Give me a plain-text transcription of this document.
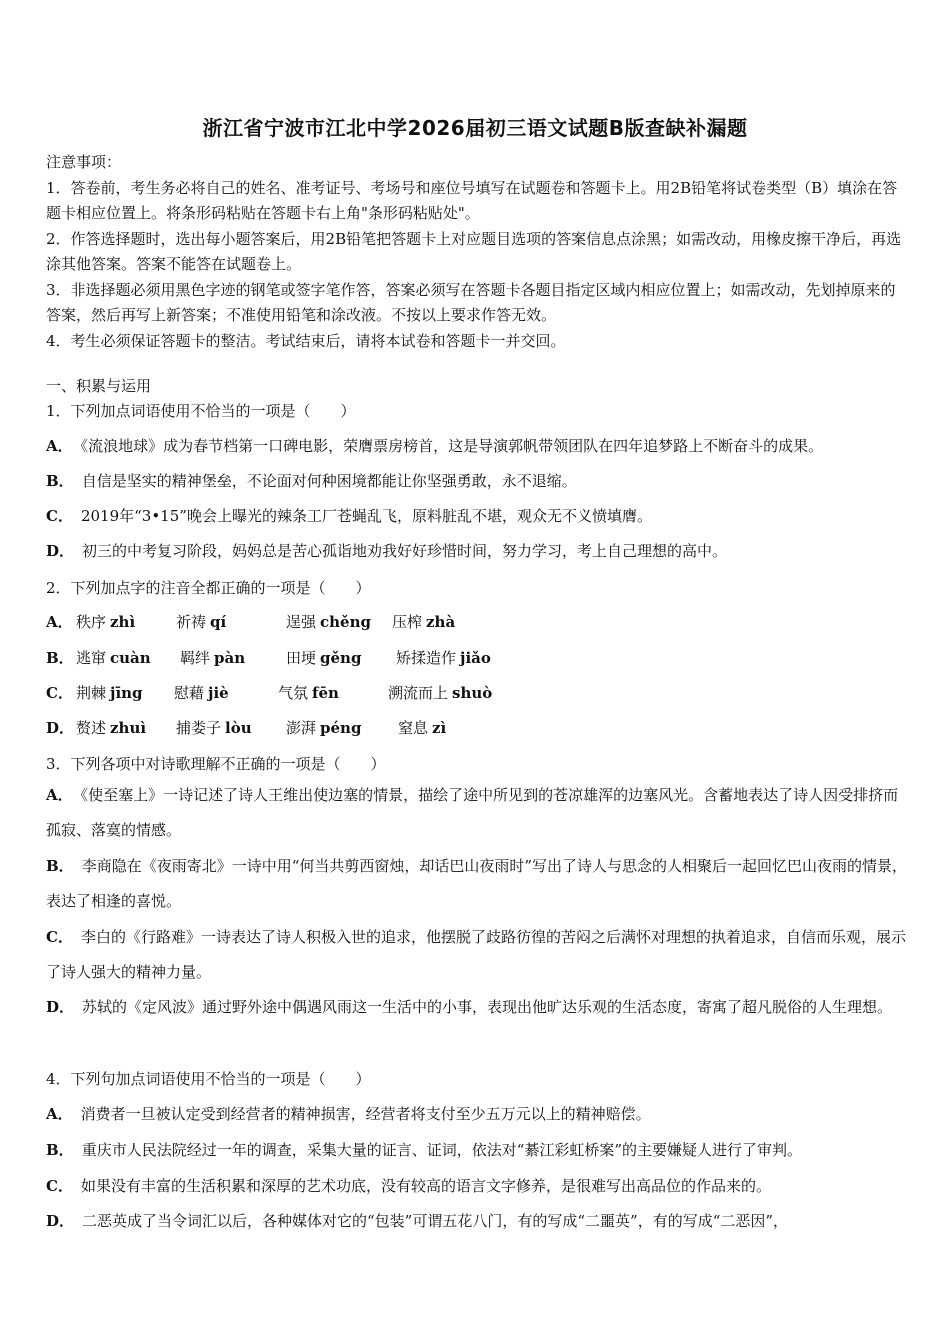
浙江省宁波市江北中学2026届初三语文试题B版查缺补漏题
注意事项：
1．答卷前，考生务必将自己的姓名、准考证号、考场号和座位号填写在试题卷和答题卡上。用2B铅笔将试卷类型（B）填涂在答题卡相应位置上。将条形码粘贴在答题卡右上角"条形码粘贴处"。
2．作答选择题时，选出每小题答案后，用2B铅笔把答题卡上对应题目选项的答案信息点涂黑；如需改动，用橡皮擦干净后，再选涂其他答案。答案不能答在试题卷上。
3．非选择题必须用黑色字迹的钢笔或签字笔作答，答案必须写在答题卡各题目指定区域内相应位置上；如需改动，先划掉原来的答案，然后再写上新答案；不准使用铅笔和涂改液。不按以上要求作答无效。
4．考生必须保证答题卡的整洁。考试结束后，请将本试卷和答题卡一并交回。
一、积累与运用
1．下列加点词语使用不恰当的一项是（　　）
A． 《流浪地球》成为春节档第一口碑电影，荣膺票房榜首，这是导演郭帆带领团队在四年追梦路上不断奋斗的成果。
B． 自信是坚实的精神堡垒，不论面对何种困境都能让你坚强勇敢，永不退缩。
C． 2019年“3•15”晚会上曝光的辣条工厂苍蝇乱飞，原料脏乱不堪，观众无不义愤填膺。
D． 初三的中考复习阶段，妈妈总是苦心孤诣地劝我好好珍惜时间，努力学习，考上自己理想的高中。
2．下列加点字的注音全都正确的一项是（　　）
A． 秩序 zhì	祈祷 qí	逞强 chěng 压榨 zhà
B． 逃窜 cuàn 羁绊 pàn	田埂 gěng 矫揉造作 jiǎo
C． 荆棘 jīng 慰藉 jiè	气氛 fēn	溯流而上 shuò
D． 赘述 zhuì 捕娄子 lòu 澎湃 péng 窒息 zì
3．下列各项中对诗歌理解不正确的一项是（　　）
A． 《使至塞上》一诗记述了诗人王维出使边塞的情景，描绘了途中所见到的苍凉雄浑的边塞风光。含蓄地表达了诗人因受排挤而孤寂、落寞的情感。
B． 李商隐在《夜雨寄北》一诗中用“何当共剪西窗烛，却话巴山夜雨时”写出了诗人与思念的人相聚后一起回忆巴山夜雨的情景，表达了相逢的喜悦。
C． 李白的《行路难》一诗表达了诗人积极入世的追求，他摆脱了歧路彷徨的苦闷之后满怀对理想的执着追求，自信而乐观，展示了诗人强大的精神力量。
D． 苏轼的《定风波》通过野外途中偶遇风雨这一生活中的小事，表现出他旷达乐观的生活态度，寄寓了超凡脱俗的人生理想。
4．下列句加点词语使用不恰当的一项是（　　）
A． 消费者一旦被认定受到经营者的精神损害，经营者将支付至少五万元以上的精神赔偿。
B． 重庆市人民法院经过一年的调查，采集大量的证言、证词，依法对“綦江彩虹桥案”的主要嫌疑人进行了审判。
C． 如果没有丰富的生活积累和深厚的艺术功底，没有较高的语言文字修养，是很难写出高品位的作品来的。
D． 二恶英成了当令词汇以后，各种媒体对它的“包装”可谓五花八门，有的写成“二噩英”，有的写成“二恶因”，
